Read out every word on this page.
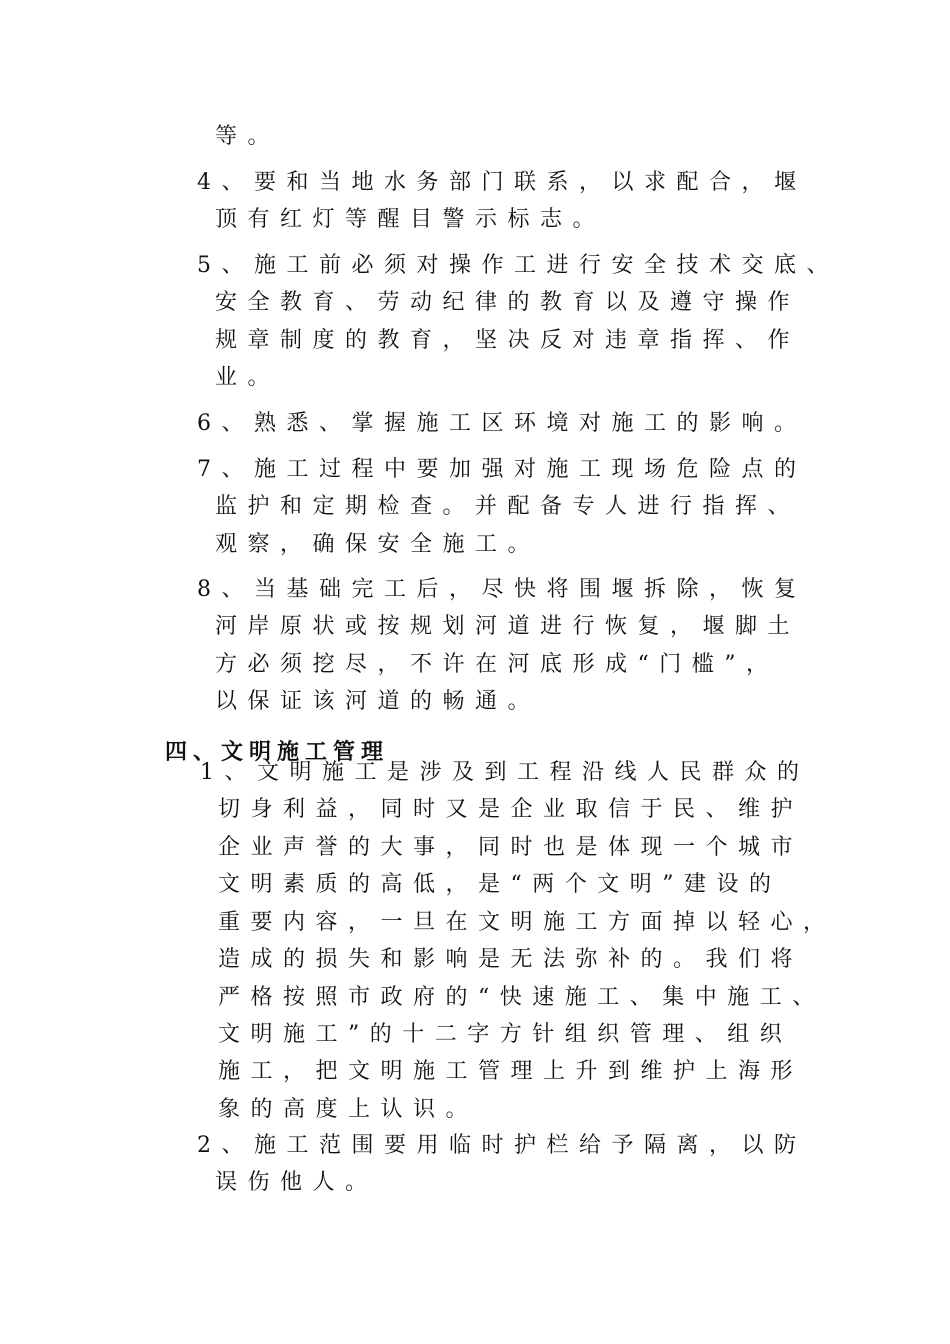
等。
4、要和当地水务部门联系，以求配合，堰
顶有红灯等醒目警示标志。
5、施工前必须对操作工进行安全技术交底、
安全教育、劳动纪律的教育以及遵守操作
规章制度的教育，坚决反对违章指挥、作
业。
6、熟悉、掌握施工区环境对施工的影响。
7、施工过程中要加强对施工现场危险点的
监护和定期检查。并配备专人进行指挥、
观察，确保安全施工。
8、当基础完工后，尽快将围堰拆除，恢复
河岸原状或按规划河道进行恢复，堰脚土
方必须挖尽，不许在河底形成“门槛”，
以保证该河道的畅通。
四、文明施工管理
1、文明施工是涉及到工程沿线人民群众的
切身利益，同时又是企业取信于民、维护
企业声誉的大事，同时也是体现一个城市
文明素质的高低，是“两个文明”建设的
重要内容，一旦在文明施工方面掉以轻心，
造成的损失和影响是无法弥补的。我们将
严格按照市政府的“快速施工、集中施工、
文明施工”的十二字方针组织管理、组织
施工，把文明施工管理上升到维护上海形
象的高度上认识。
2、施工范围要用临时护栏给予隔离，以防
误伤他人。
